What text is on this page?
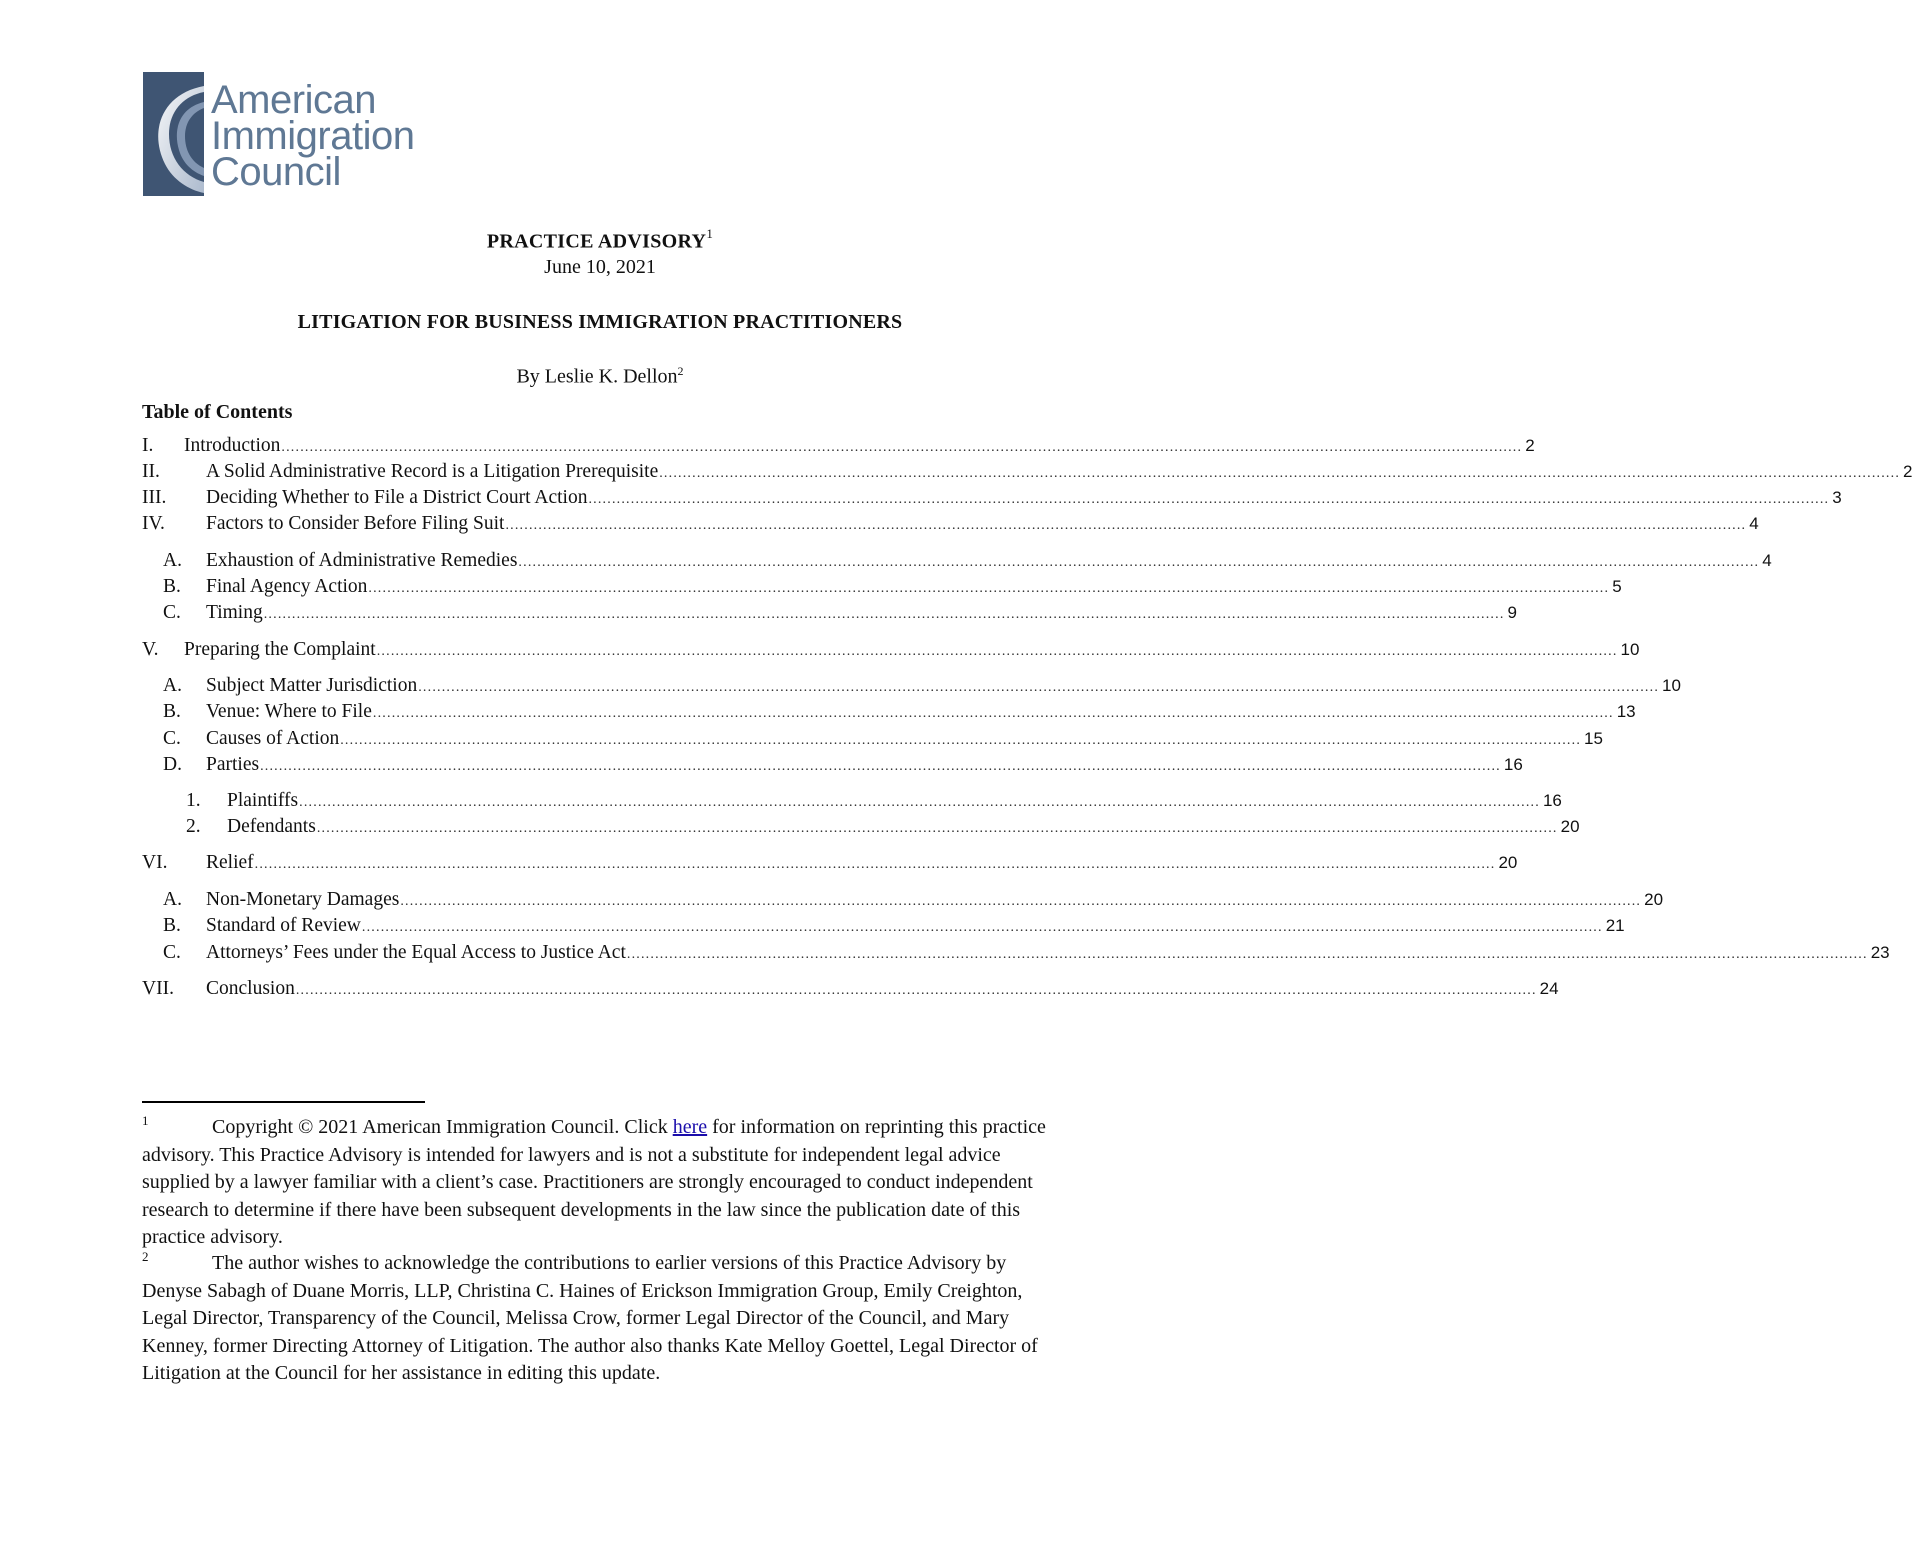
American
Immigration
Council
PRACTICE ADVISORY$^1$
June 10, 2021
LITIGATION FOR BUSINESS IMMIGRATION PRACTITIONERS
By Leslie K. Dellon$^2$
Table of Contents
I.	Introduction ........................................................................................................................................................................................................................................................................ 2
II.	A Solid Administrative Record is a Litigation Prerequisite ........................................................................................................................................................................................................................................................................ 2
III.	Deciding Whether to File a District Court Action ........................................................................................................................................................................................................................................................................ 3
IV.	Factors to Consider Before Filing Suit ........................................................................................................................................................................................................................................................................ 4
A.	Exhaustion of Administrative Remedies ........................................................................................................................................................................................................................................................................ 4
B.	Final Agency Action ........................................................................................................................................................................................................................................................................ 5
C.	Timing ........................................................................................................................................................................................................................................................................ 9
V.	Preparing the Complaint ........................................................................................................................................................................................................................................................................ 10
A.	Subject Matter Jurisdiction ........................................................................................................................................................................................................................................................................ 10
B.	Venue: Where to File ........................................................................................................................................................................................................................................................................ 13
C.	Causes of Action ........................................................................................................................................................................................................................................................................ 15
D.	Parties ........................................................................................................................................................................................................................................................................ 16
1.	Plaintiffs ........................................................................................................................................................................................................................................................................ 16
2.	Defendants ........................................................................................................................................................................................................................................................................ 20
VI.	Relief ........................................................................................................................................................................................................................................................................ 20
A.	Non-Monetary Damages ........................................................................................................................................................................................................................................................................ 20
B.	Standard of Review ........................................................................................................................................................................................................................................................................ 21
C.	Attorneys’ Fees under the Equal Access to Justice Act ........................................................................................................................................................................................................................................................................ 23
VII.	Conclusion ........................................................................................................................................................................................................................................................................ 24
1	Copyright © 2021 American Immigration Council. Click here for information on reprinting this practice advisory. This Practice Advisory is intended for lawyers and is not a substitute for independent legal advice supplied by a lawyer familiar with a client’s case. Practitioners are strongly encouraged to conduct independent research to determine if there have been subsequent developments in the law since the publication date of this practice advisory.
2	The author wishes to acknowledge the contributions to earlier versions of this Practice Advisory by Denyse Sabagh of Duane Morris, LLP, Christina C. Haines of Erickson Immigration Group, Emily Creighton, Legal Director, Transparency of the Council, Melissa Crow, former Legal Director of the Council, and Mary Kenney, former Directing Attorney of Litigation. The author also thanks Kate Melloy Goettel, Legal Director of Litigation at the Council for her assistance in editing this update.
